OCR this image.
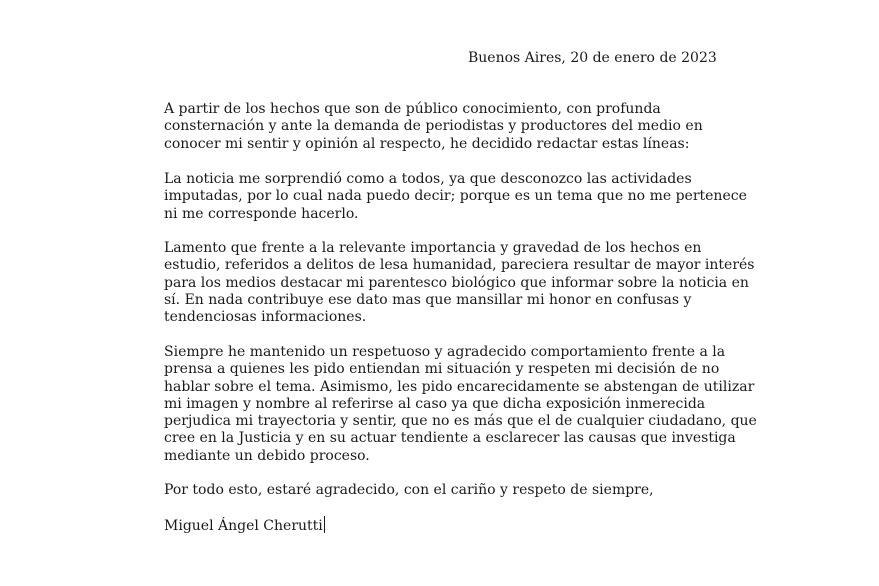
Buenos Aires, 20 de enero de 2023
A partir de los hechos que son de público conocimiento, con profunda
consternación y ante la demanda de periodistas y productores del medio en
conocer mi sentir y opinión al respecto, he decidido redactar estas líneas:
La noticia me sorprendió como a todos, ya que desconozco las actividades
imputadas, por lo cual nada puedo decir; porque es un tema que no me pertenece
ni me corresponde hacerlo.
Lamento que frente a la relevante importancia y gravedad de los hechos en
estudio, referidos a delitos de lesa humanidad, pareciera resultar de mayor interés
para los medios destacar mi parentesco biológico que informar sobre la noticia en
sí. En nada contribuye ese dato mas que mansillar mi honor en confusas y
tendenciosas informaciones.
Siempre he mantenido un respetuoso y agradecido comportamiento frente a la
prensa a quienes les pido entiendan mi situación y respeten mi decisión de no
hablar sobre el tema. Asimismo, les pido encarecidamente se abstengan de utilizar
mi imagen y nombre al referirse al caso ya que dicha exposición inmerecida
perjudica mi trayectoria y sentir, que no es más que el de cualquier ciudadano, que
cree en la Justicia y en su actuar tendiente a esclarecer las causas que investiga
mediante un debido proceso.
Por todo esto, estaré agradecido, con el cariño y respeto de siempre,
Miguel Ángel Cherutti
